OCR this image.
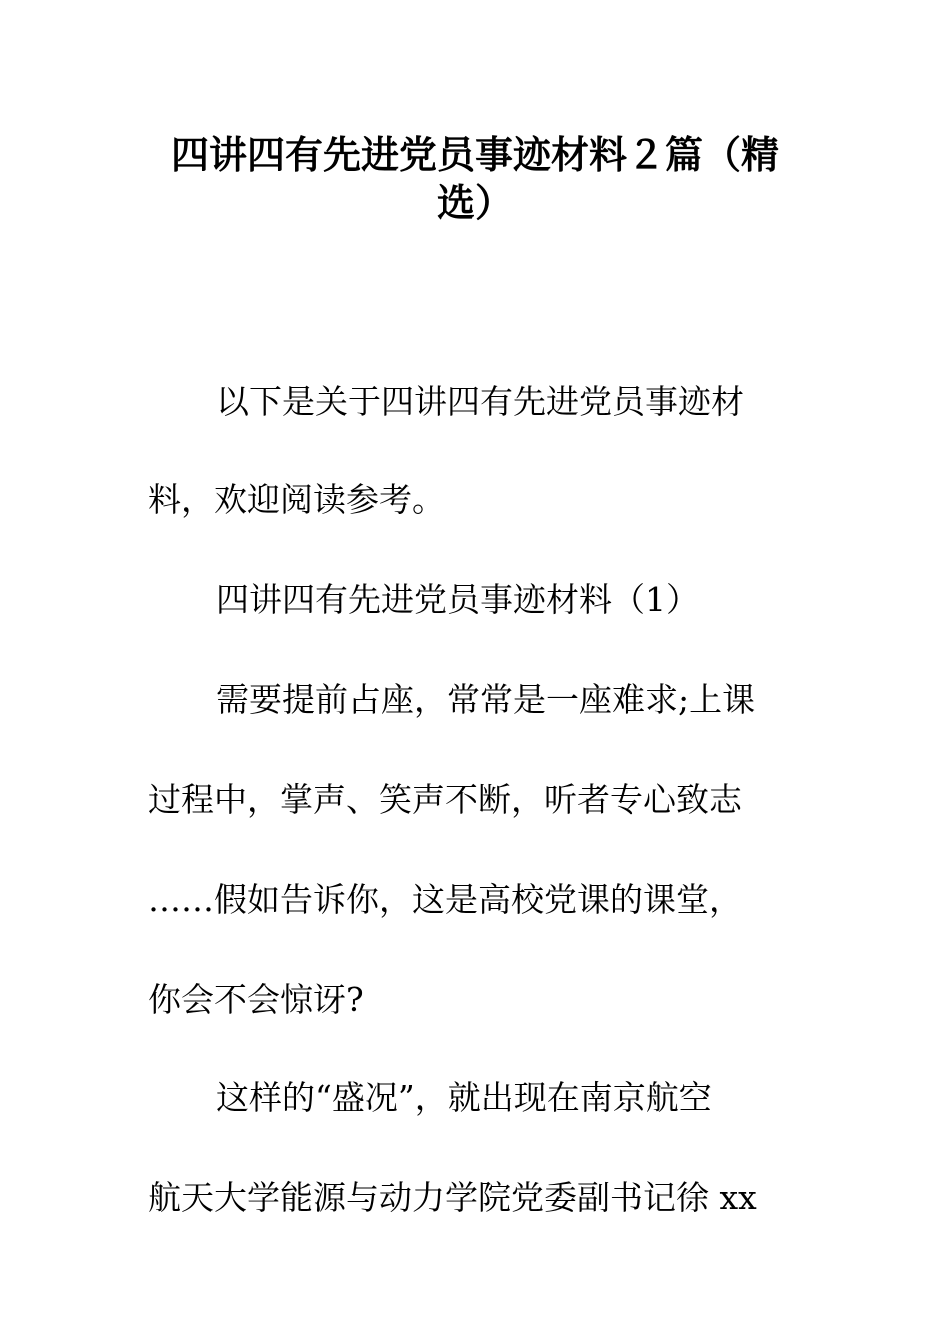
四讲四有先进党员事迹材料２篇（精
选）
以下是关于四讲四有先进党员事迹材
料，欢迎阅读参考。
四讲四有先进党员事迹材料（1）
需要提前占座，常常是一座难求;上课
过程中，掌声、笑声不断，听者专心致志
……假如告诉你，这是高校党课的课堂，
你会不会惊讶?
这样的“盛况”，就出现在南京航空
航天大学能源与动力学院党委副书记徐 xx
